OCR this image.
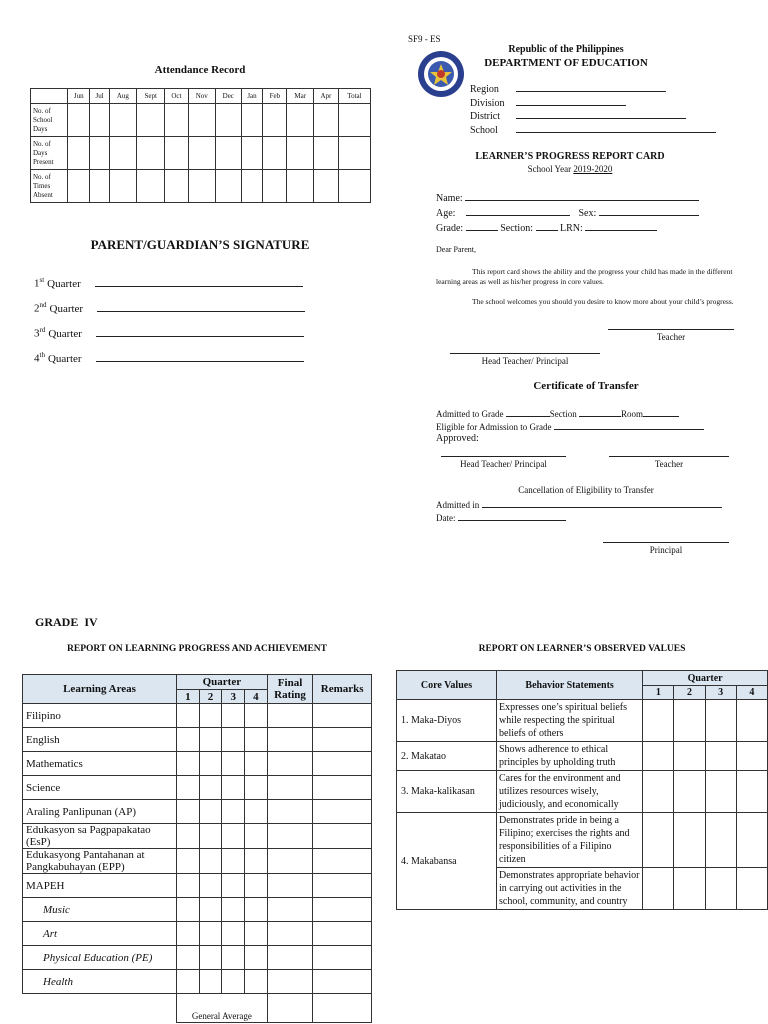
Attendance Record
	Jun	Jul	Aug	Sept	Oct	Nov	Dec	Jan	Feb	Mar	Apr	Total
No. of School Days												
No. of Days Present												
No. of Times Absent												
PARENT/GUARDIAN’S SIGNATURE
1st Quarter
2nd Quarter
3rd Quarter
4th Quarter
SF9 - ES
Republic of the Philippines
DEPARTMENT OF EDUCATION
Region
Division
District
School
LEARNER’S PROGRESS REPORT CARD
School Year 2019-2020
Name:
Age:	Sex:
Grade:	Section:	LRN:
Dear Parent,
This report card shows the ability and the progress your child has made in the different learning areas as well as his/her progress in core values.
The school welcomes you should you desire to know more about your child’s progress.
Teacher
Head Teacher/ Principal
Certificate of Transfer
Admitted to Grade	Section	Room
Eligible for Admission to Grade
Approved:
Head Teacher/ Principal	Teacher
Cancellation of Eligibility to Transfer
Admitted in
Date:
Principal
GRADE  IV
REPORT ON LEARNING PROGRESS AND ACHIEVEMENT
Learning Areas	Quarter				Final Rating	Remarks
	1	2	3	4		
Filipino						
English						
Mathematics						
Science						
Araling Panlipunan (AP)						
Edukasyon sa Pagpapakatao (EsP)						
Edukasyong Pantahanan at Pangkabuhayan (EPP)						
MAPEH						
Music						
Art						
Physical Education (PE)						
Health						
	General Average					
REPORT ON LEARNER’S OBSERVED VALUES
Core Values	Behavior Statements	Quarter			
		1	2	3	4
1. Maka-Diyos	Expresses one’s spiritual beliefs while respecting the spiritual beliefs of others				
2. Makatao	Shows adherence to ethical principles by upholding truth				
3. Maka-kalikasan	Cares for the environment and utilizes resources wisely, judiciously, and economically				
4. Makabansa	Demonstrates pride in being a Filipino; exercises the rights and responsibilities of a Filipino citizen				
	Demonstrates appropriate behavior in carrying out activities in the school, community, and country				
